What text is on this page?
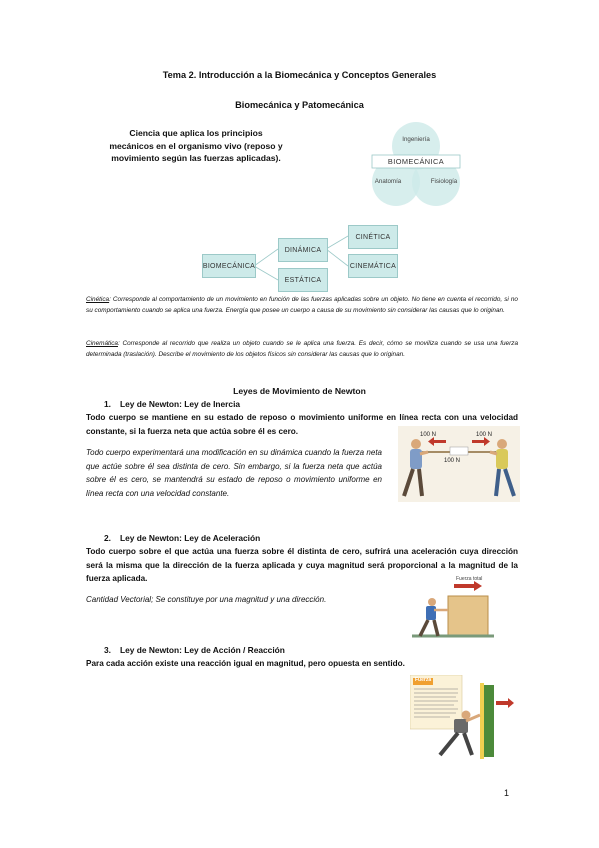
Tema 2. Introducción a la Biomecánica y Conceptos Generales
Biomecánica y Patomecánica
Ciencia que aplica los principios mecánicos en el organismo vivo (reposo y movimiento según las fuerzas aplicadas).
Ingeniería
BIOMECÁNICA
Anatomía	Fisiología
BIOMECÁNICA
DINÁMICA
ESTÁTICA
CINÉTICA
CINEMÁTICA
Cinética: Corresponde al comportamiento de un movimiento en función de las fuerzas aplicadas sobre un objeto. No tiene en cuenta el recorrido, si no su comportamiento cuando se aplica una fuerza. Energía que posee un cuerpo a causa de su movimiento sin considerar las causas que lo originan.
Cinemática: Corresponde al recorrido que realiza un objeto cuando se le aplica una fuerza. Es decir, cómo se moviliza cuando se usa una fuerza determinada (traslación). Describe el movimiento de los objetos físicos sin considerar las causas que lo originan.
Leyes de Movimiento de Newton
1. Ley de Newton: Ley de Inercia
Todo cuerpo se mantiene en su estado de reposo o movimiento uniforme en línea recta con una velocidad constante, si la fuerza neta que actúa sobre él es cero.
Todo cuerpo experimentará una modificación en su dinámica cuando la fuerza neta que actúe sobre él sea distinta de cero. Sin embargo, si la fuerza neta que actúa sobre él es cero, se mantendrá su estado de reposo o movimiento uniforme en línea recta con una velocidad constante.
100 N	100 N
100 N
2. Ley de Newton: Ley de Aceleración
Todo cuerpo sobre el que actúa una fuerza sobre él distinta de cero, sufrirá una aceleración cuya dirección será la misma que la dirección de la fuerza aplicada y cuya magnitud será proporcional a la magnitud de la fuerza aplicada.
Cantidad Vectorial; Se constituye por una magnitud y una dirección.
Fuerza total
3. Ley de Newton: Ley de Acción / Reacción
Para cada acción existe una reacción igual en magnitud, pero opuesta en sentido.
Fuerza
1
